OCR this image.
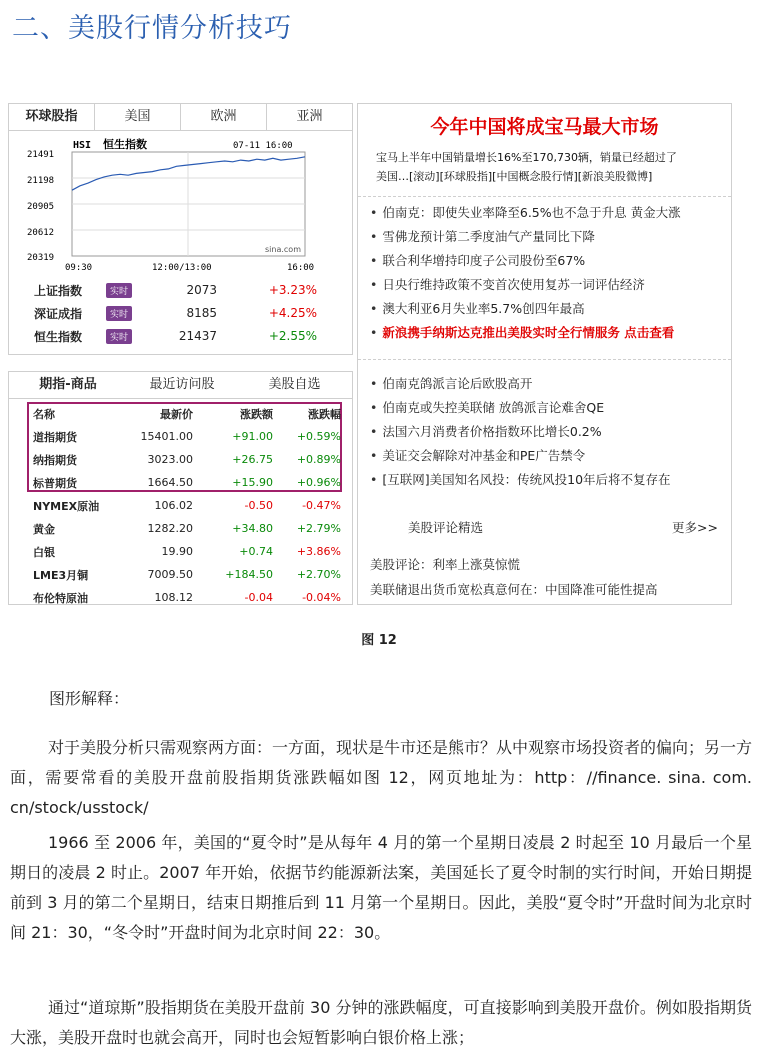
二、美股行情分析技巧
环球股指	美国	欧洲	亚洲
HSI 恒生指数	07-11 16:00
sina.com
21491
21198
20905
20612
20319
09:30	12:00/13:00	16:00
上证指数	实时	2073	+3.23%
深证成指	实时	8185	+4.25%
恒生指数	实时	21437	+2.55%
期指-商品	最近访问股	美股自选
名称	最新价	涨跌额	涨跌幅
道指期货	15401.00	+91.00	+0.59%
纳指期货	3023.00	+26.75	+0.89%
标普期货	1664.50	+15.90	+0.96%
NYMEX原油	106.02	-0.50	-0.47%
黄金	1282.20	+34.80	+2.79%
白银	19.90	+0.74	+3.86%
LME3月铜	7009.50	+184.50	+2.70%
布伦特原油	108.12	-0.04	-0.04%
今年中国将成宝马最大市场
宝马上半年中国销量增长16%至170,730辆，销量已经超过了
美国…[滚动][环球股指][中国概念股行情][新浪美股微博]
• 伯南克：即使失业率降至6.5%也不急于升息 黄金大涨
• 雪佛龙预计第二季度油气产量同比下降
• 联合利华增持印度子公司股份至67%
• 日央行维持政策不变首次使用复苏一词评估经济
• 澳大利亚6月失业率5.7%创四年最高
• 新浪携手纳斯达克推出美股实时全行情服务 点击查看
• 伯南克鸽派言论后欧股高开
• 伯南克或失控美联储 放鸽派言论难舍QE
• 法国六月消费者价格指数环比增长0.2%
• 美证交会解除对冲基金和PE广告禁令
• [互联网]美国知名风投：传统风投10年后将不复存在
美股评论精选	更多>>
美股评论：利率上涨莫惊慌
美联储退出货币宽松真意何在：中国降准可能性提高
图 12
图形解释：
对于美股分析只需观察两方面：一方面，现状是牛市还是熊市？从中观察市场投资者的偏向；另一方面，需要常看的美股开盘前股指期货涨跌幅如图 12，网页地址为：http：//finance. sina. com. cn/stock/usstock/
1966 至 2006 年，美国的“夏令时”是从每年 4 月的第一个星期日凌晨 2 时起至 10 月最后一个星期日的凌晨 2 时止。2007 年开始，依据节约能源新法案，美国延长了夏令时制的实行时间，开始日期提前到 3 月的第二个星期日，结束日期推后到 11 月第一个星期日。因此，美股“夏令时”开盘时间为北京时间 21：30，“冬令时”开盘时间为北京时间 22：30。
通过“道琼斯”股指期货在美股开盘前 30 分钟的涨跌幅度，可直接影响到美股开盘价。例如股指期货大涨，美股开盘时也就会高开，同时也会短暂影响白银价格上涨；
